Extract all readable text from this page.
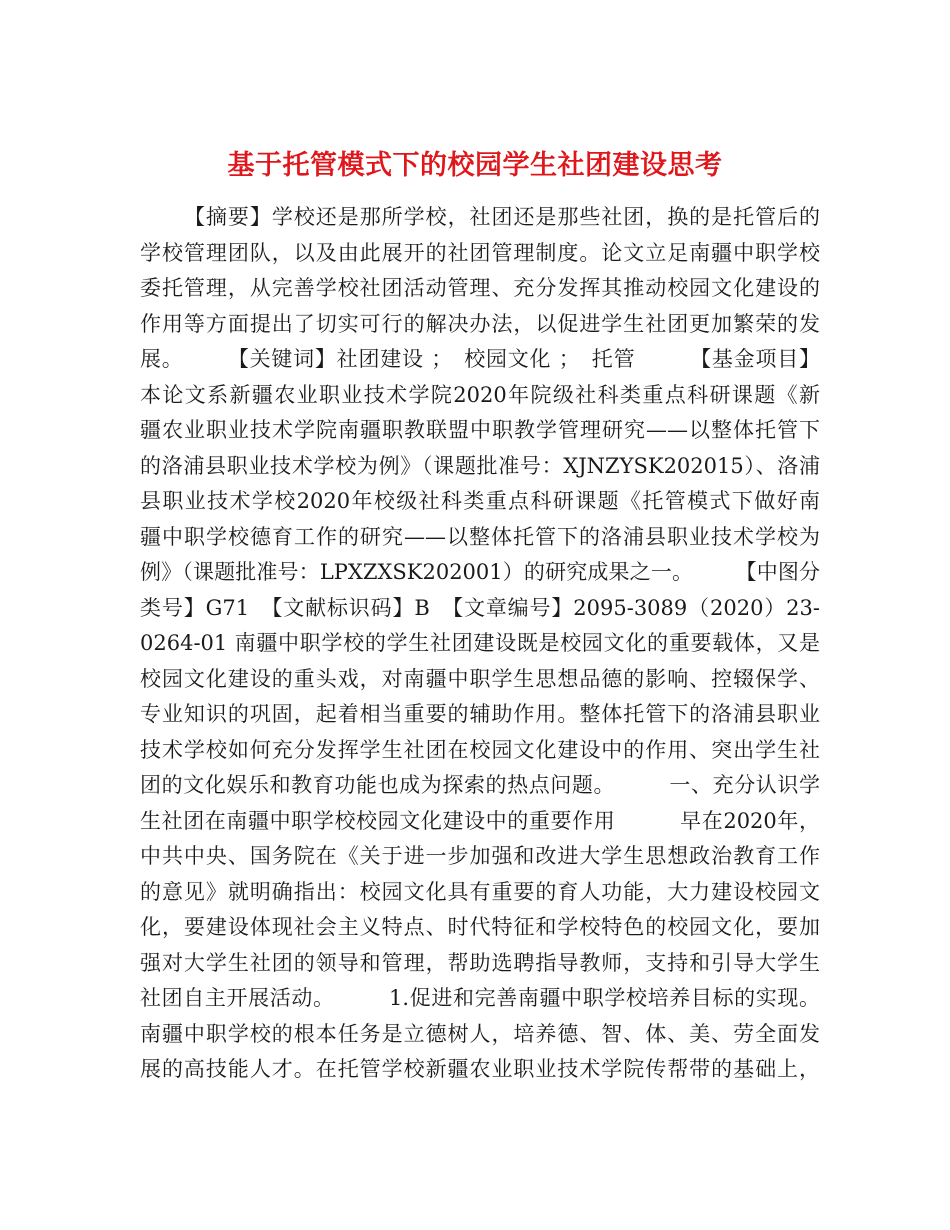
基于托管模式下的校园学生社团建设思考
【摘要】学校还是那所学校，社团还是那些社团，换的是托管后的
学校管理团队，以及由此展开的社团管理制度。论文立足南疆中职学校
委托管理，从完善学校社团活动管理、充分发挥其推动校园文化建设的
作用等方面提出了切实可行的解决办法，以促进学生社团更加繁荣的发
展。　　　【关键词】社团建设 ；　校园文化 ；　托管　　　【基金项目】
本论文系新疆农业职业技术学院2020年院级社科类重点科研课题《新
疆农业职业技术学院南疆职教联盟中职教学管理研究——以整体托管下
的洛浦县职业技术学校为例》（课题批准号：XJNZYSK202015）、洛浦
县职业技术学校2020年校级社科类重点科研课题《托管模式下做好南
疆中职学校德育工作的研究——以整体托管下的洛浦县职业技术学校为
例》（课题批准号：LPXZXSK202001）的研究成果之一。　　　【中图分
类号】G71　【文献标识码】B　【文章编号】2095-3089（2020）23-
0264-01 南疆中职学校的学生社团建设既是校园文化的重要载体，又是
校园文化建设的重头戏，对南疆中职学生思想品德的影响、控辍保学、
专业知识的巩固，起着相当重要的辅助作用。整体托管下的洛浦县职业
技术学校如何充分发挥学生社团在校园文化建设中的作用、突出学生社
团的文化娱乐和教育功能也成为探索的热点问题。　　　一、充分认识学
生社团在南疆中职学校校园文化建设中的重要作用　　　早在2020年，
中共中央、国务院在《关于进一步加强和改进大学生思想政治教育工作
的意见》就明确指出：校园文化具有重要的育人功能，大力建设校园文
化，要建设体现社会主义特点、时代特征和学校特色的校园文化，要加
强对大学生社团的领导和管理，帮助选聘指导教师，支持和引导大学生
社团自主开展活动。　　　1.促进和完善南疆中职学校培养目标的实现。
南疆中职学校的根本任务是立德树人，培养德、智、体、美、劳全面发
展的高技能人才。在托管学校新疆农业职业技术学院传帮带的基础上，
